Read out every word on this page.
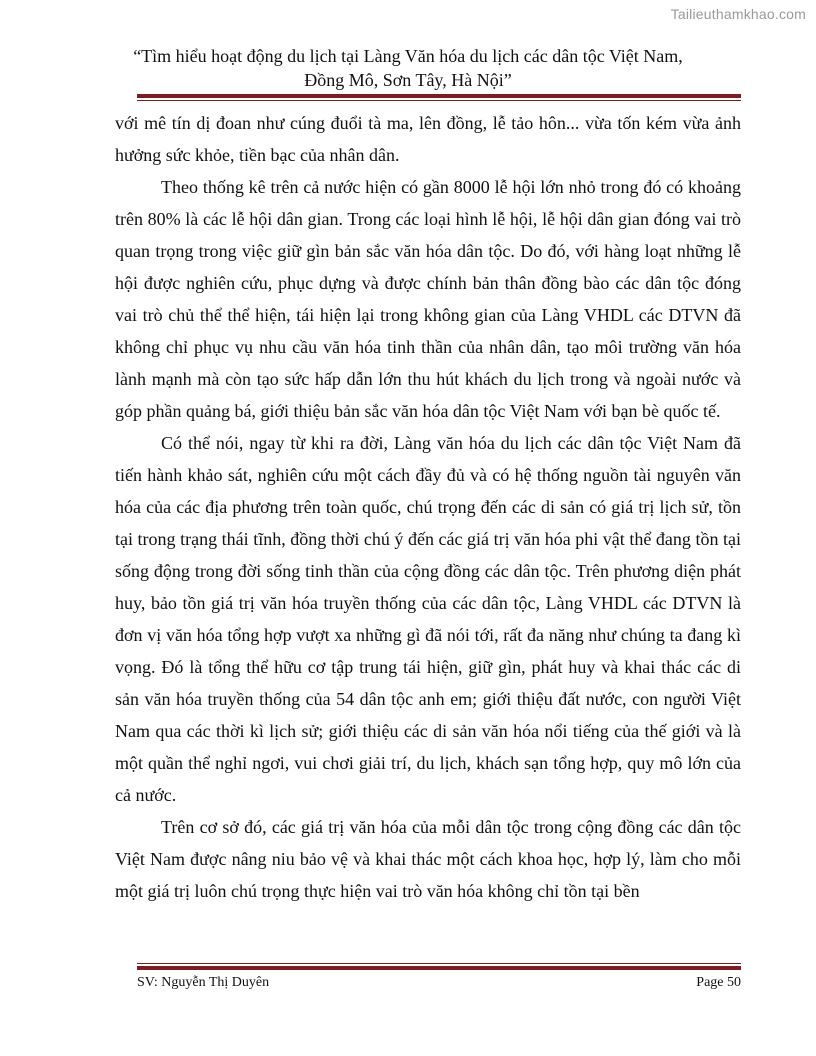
Tailieuthamkhao.com
“Tìm hiểu hoạt động du lịch tại Làng Văn hóa du lịch các dân tộc Việt Nam,
Đồng Mô, Sơn Tây, Hà Nội”

với mê tín dị đoan như cúng đuổi tà ma, lên đồng, lễ tảo hôn... vừa tốn kém vừa ảnh hưởng sức khỏe, tiền bạc của nhân dân.

Theo thống kê trên cả nước hiện có gần 8000 lễ hội lớn nhỏ trong đó có khoảng trên 80% là các lễ hội dân gian. Trong các loại hình lễ hội, lễ hội dân gian đóng vai trò quan trọng trong việc giữ gìn bản sắc văn hóa dân tộc. Do đó, với hàng loạt những lễ hội được nghiên cứu, phục dựng và được chính bản thân đồng bào các dân tộc đóng vai trò chủ thể thể hiện, tái hiện lại trong không gian của Làng VHDL các DTVN đã không chỉ phục vụ nhu cầu văn hóa tinh thần của nhân dân, tạo môi trường văn hóa lành mạnh mà còn tạo sức hấp dẫn lớn thu hút khách du lịch trong và ngoài nước và góp phần quảng bá, giới thiệu bản sắc văn hóa dân tộc Việt Nam với bạn bè quốc tế.

Có thể nói, ngay từ khi ra đời, Làng văn hóa du lịch các dân tộc Việt Nam đã tiến hành khảo sát, nghiên cứu một cách đầy đủ và có hệ thống nguồn tài nguyên văn hóa của các địa phương trên toàn quốc, chú trọng đến các di sản có giá trị lịch sử, tồn tại trong trạng thái tĩnh, đồng thời chú ý đến các giá trị văn hóa phi vật thể đang tồn tại sống động trong đời sống tinh thần của cộng đồng các dân tộc. Trên phương diện phát huy, bảo tồn giá trị văn hóa truyền thống của các dân tộc, Làng VHDL các DTVN là đơn vị văn hóa tổng hợp vượt xa những gì đã nói tới, rất đa năng như chúng ta đang kì vọng. Đó là tổng thể hữu cơ tập trung tái hiện, giữ gìn, phát huy và khai thác các di sản văn hóa truyền thống của 54 dân tộc anh em; giới thiệu đất nước, con người Việt Nam qua các thời kì lịch sử; giới thiệu các di sản văn hóa nổi tiếng của thế giới và là một quần thể nghỉ ngơi, vui chơi giải trí, du lịch, khách sạn tổng hợp, quy mô lớn của cả nước.

Trên cơ sở đó, các giá trị văn hóa của mỗi dân tộc trong cộng đồng các dân tộc Việt Nam được nâng niu bảo vệ và khai thác một cách khoa học, hợp lý, làm cho mỗi một giá trị luôn chú trọng thực hiện vai trò văn hóa không chỉ tồn tại bền

SV: Nguyễn Thị Duyên	Page 50
